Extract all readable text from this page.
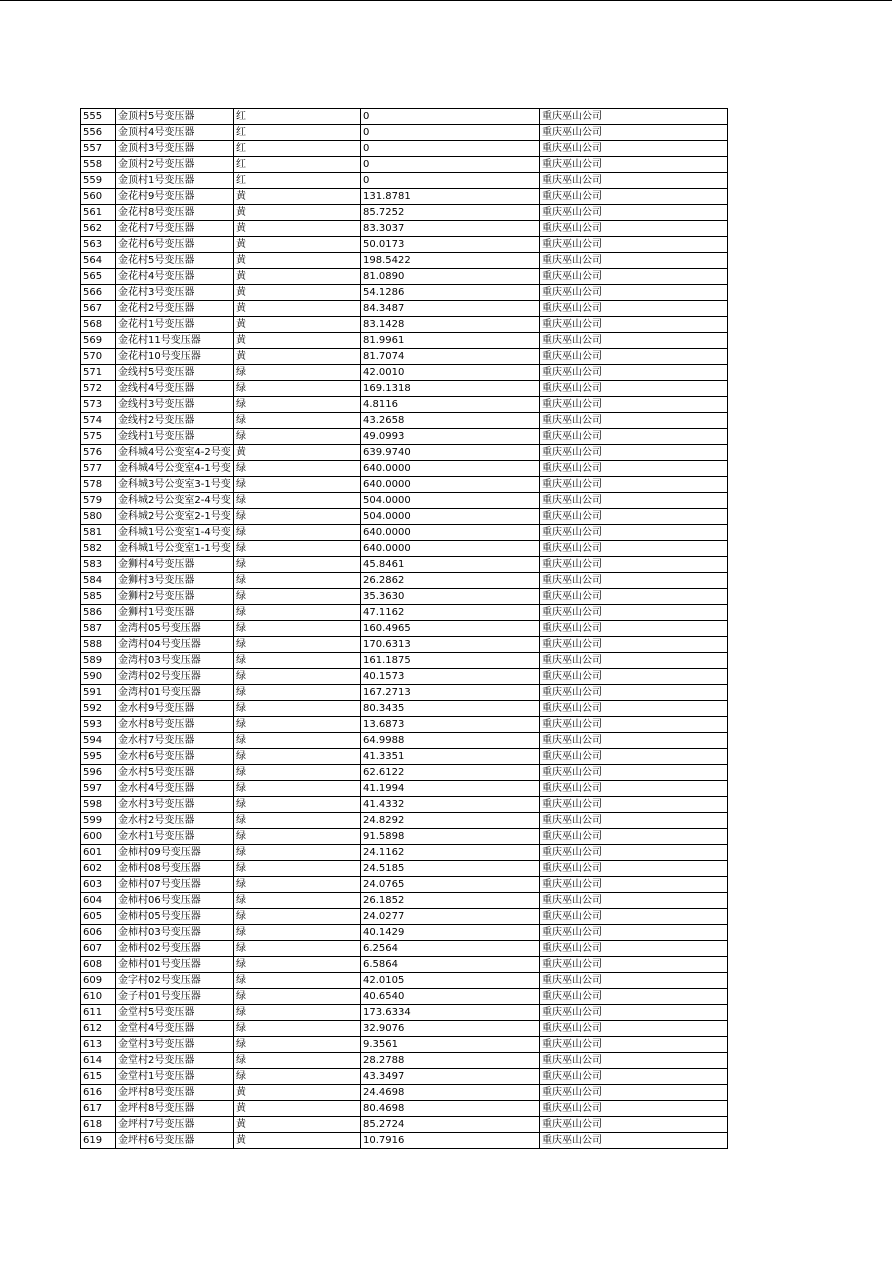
555	金顶村5号变压器	红	0	重庆巫山公司
556	金顶村4号变压器	红	0	重庆巫山公司
557	金顶村3号变压器	红	0	重庆巫山公司
558	金顶村2号变压器	红	0	重庆巫山公司
559	金顶村1号变压器	红	0	重庆巫山公司
560	金花村9号变压器	黄	131.8781	重庆巫山公司
561	金花村8号变压器	黄	85.7252	重庆巫山公司
562	金花村7号变压器	黄	83.3037	重庆巫山公司
563	金花村6号变压器	黄	50.0173	重庆巫山公司
564	金花村5号变压器	黄	198.5422	重庆巫山公司
565	金花村4号变压器	黄	81.0890	重庆巫山公司
566	金花村3号变压器	黄	54.1286	重庆巫山公司
567	金花村2号变压器	黄	84.3487	重庆巫山公司
568	金花村1号变压器	黄	83.1428	重庆巫山公司
569	金花村11号变压器	黄	81.9961	重庆巫山公司
570	金花村10号变压器	黄	81.7074	重庆巫山公司
571	金线村5号变压器	绿	42.0010	重庆巫山公司
572	金线村4号变压器	绿	169.1318	重庆巫山公司
573	金线村3号变压器	绿	4.8116	重庆巫山公司
574	金线村2号变压器	绿	43.2658	重庆巫山公司
575	金线村1号变压器	绿	49.0993	重庆巫山公司
576	金科城4号公变室4-2号变	黄	639.9740	重庆巫山公司
577	金科城4号公变室4-1号变	绿	640.0000	重庆巫山公司
578	金科城3号公变室3-1号变	绿	640.0000	重庆巫山公司
579	金科城2号公变室2-4号变	绿	504.0000	重庆巫山公司
580	金科城2号公变室2-1号变	绿	504.0000	重庆巫山公司
581	金科城1号公变室1-4号变	绿	640.0000	重庆巫山公司
582	金科城1号公变室1-1号变	绿	640.0000	重庆巫山公司
583	金狮村4号变压器	绿	45.8461	重庆巫山公司
584	金狮村3号变压器	绿	26.2862	重庆巫山公司
585	金狮村2号变压器	绿	35.3630	重庆巫山公司
586	金狮村1号变压器	绿	47.1162	重庆巫山公司
587	金湾村05号变压器	绿	160.4965	重庆巫山公司
588	金湾村04号变压器	绿	170.6313	重庆巫山公司
589	金湾村03号变压器	绿	161.1875	重庆巫山公司
590	金湾村02号变压器	绿	40.1573	重庆巫山公司
591	金湾村01号变压器	绿	167.2713	重庆巫山公司
592	金水村9号变压器	绿	80.3435	重庆巫山公司
593	金水村8号变压器	绿	13.6873	重庆巫山公司
594	金水村7号变压器	绿	64.9988	重庆巫山公司
595	金水村6号变压器	绿	41.3351	重庆巫山公司
596	金水村5号变压器	绿	62.6122	重庆巫山公司
597	金水村4号变压器	绿	41.1994	重庆巫山公司
598	金水村3号变压器	绿	41.4332	重庆巫山公司
599	金水村2号变压器	绿	24.8292	重庆巫山公司
600	金水村1号变压器	绿	91.5898	重庆巫山公司
601	金柿村09号变压器	绿	24.1162	重庆巫山公司
602	金柿村08号变压器	绿	24.5185	重庆巫山公司
603	金柿村07号变压器	绿	24.0765	重庆巫山公司
604	金柿村06号变压器	绿	26.1852	重庆巫山公司
605	金柿村05号变压器	绿	24.0277	重庆巫山公司
606	金柿村03号变压器	绿	40.1429	重庆巫山公司
607	金柿村02号变压器	绿	6.2564	重庆巫山公司
608	金柿村01号变压器	绿	6.5864	重庆巫山公司
609	金字村02号变压器	绿	42.0105	重庆巫山公司
610	金子村01号变压器	绿	40.6540	重庆巫山公司
611	金堂村5号变压器	绿	173.6334	重庆巫山公司
612	金堂村4号变压器	绿	32.9076	重庆巫山公司
613	金堂村3号变压器	绿	9.3561	重庆巫山公司
614	金堂村2号变压器	绿	28.2788	重庆巫山公司
615	金堂村1号变压器	绿	43.3497	重庆巫山公司
616	金坪村8号变压器	黄	24.4698	重庆巫山公司
617	金坪村8号变压器	黄	80.4698	重庆巫山公司
618	金坪村7号变压器	黄	85.2724	重庆巫山公司
619	金坪村6号变压器	黄	10.7916	重庆巫山公司
